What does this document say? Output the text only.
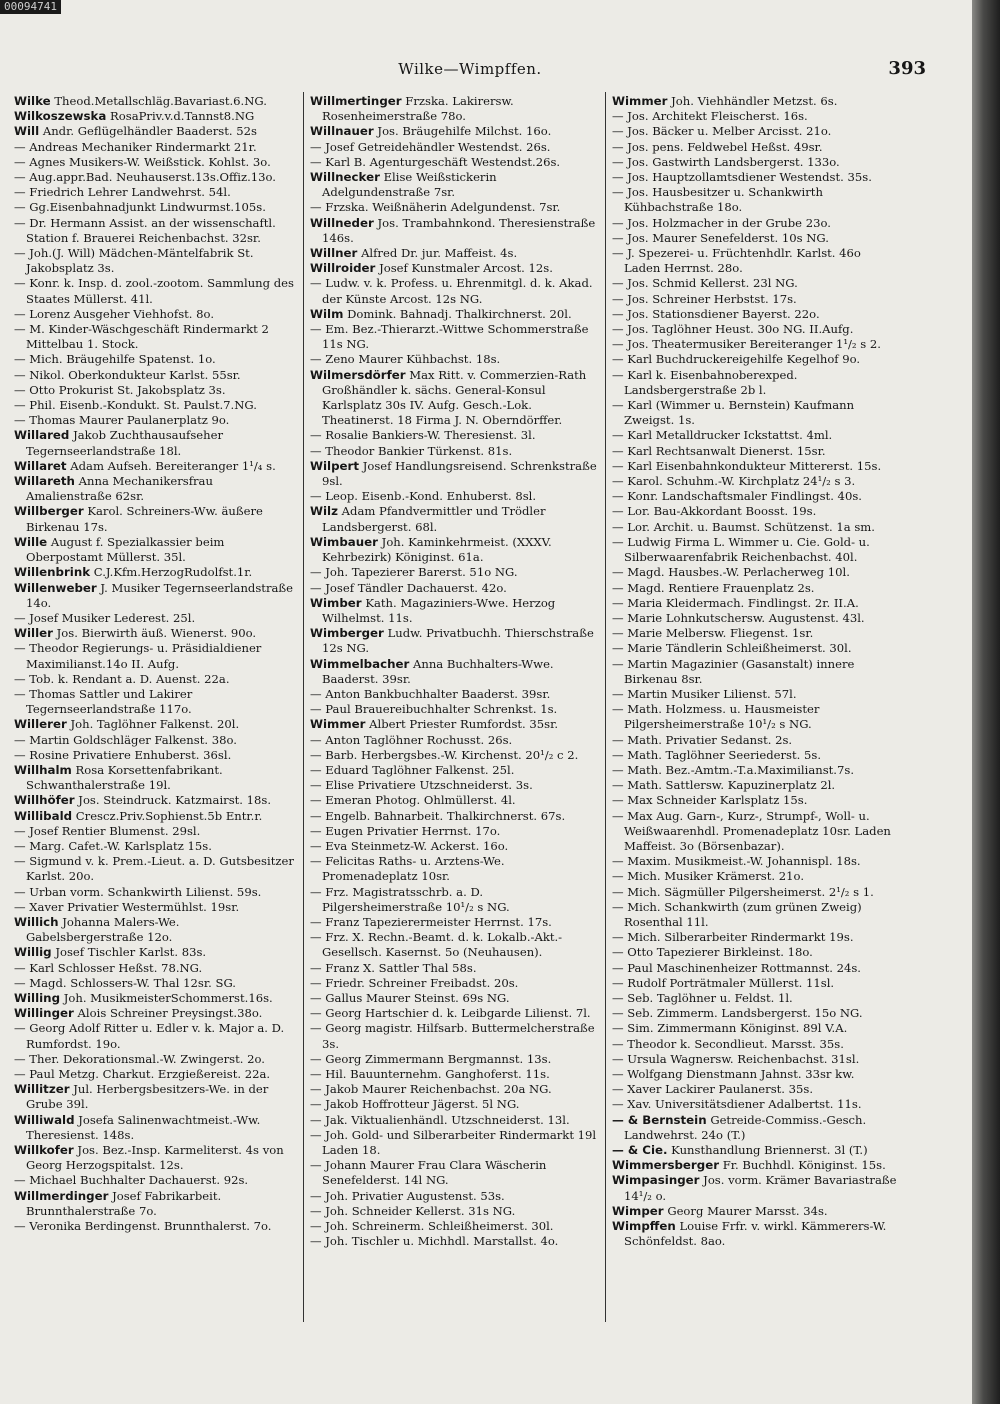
00094741
Wilke—Wimpffen.	393
Wilke Theod.Metallschläg.Bavariast.6.NG.
Wilkoszewska RosaPriv.v.d.Tannst8.NG
Will Andr. Geflügelhändler Baaderst. 52s
— Andreas Mechaniker Rindermarkt 21r.
— Agnes Musikers-W. Weißstick. Kohlst. 3o.
— Aug.appr.Bad. Neuhauserst.13s.Offiz.13o.
— Friedrich Lehrer Landwehrst. 54l.
— Gg.Eisenbahnadjunkt Lindwurmst.105s.
— Dr. Hermann Assist. an der wissenschaftl. Station f. Brauerei Reichenbachst. 32sr.
— Joh.(J. Will) Mädchen-Mäntelfabrik St. Jakobsplatz 3s.
— Konr. k. Insp. d. zool.-zootom. Sammlung des Staates Müllerst. 41l.
— Lorenz Ausgeher Viehhofst. 8o.
— M. Kinder-Wäschgeschäft Rindermarkt 2 Mittelbau 1. Stock.
— Mich. Bräugehilfe Spatenst. 1o.
— Nikol. Oberkondukteur Karlst. 55sr.
— Otto Prokurist St. Jakobsplatz 3s.
— Phil. Eisenb.-Kondukt. St. Paulst.7.NG.
— Thomas Maurer Paulanerplatz 9o.
Willared Jakob Zuchthausaufseher Tegernseerlandstraße 18l.
Willaret Adam Aufseh. Bereiteranger 1¹/₄ s.
Willareth Anna Mechanikersfrau Amalienstraße 62sr.
Willberger Karol. Schreiners-Ww. äußere Birkenau 17s.
Wille August f. Spezialkassier beim Oberpostamt Müllerst. 35l.
Willenbrink C.J.Kfm.HerzogRudolfst.1r.
Willenweber J. Musiker Tegernseerlandstraße 14o.
— Josef Musiker Lederest. 25l.
Willer Jos. Bierwirth äuß. Wienerst. 90o.
— Theodor Regierungs- u. Präsidialdiener Maximilianst.14o II. Aufg.
— Tob. k. Rendant a. D. Auenst. 22a.
— Thomas Sattler und Lakirer Tegernseerlandstraße 117o.
Willerer Joh. Taglöhner Falkenst. 20l.
— Martin Goldschläger Falkenst. 38o.
— Rosine Privatiere Enhuberst. 36sl.
Willhalm Rosa Korsettenfabrikant. Schwanthalerstraße 19l.
Willhöfer Jos. Steindruck. Katzmairst. 18s.
Willibald Crescz.Priv.Sophienst.5b Entr.r.
— Josef Rentier Blumenst. 29sl.
— Marg. Cafet.-W. Karlsplatz 15s.
— Sigmund v. k. Prem.-Lieut. a. D. Gutsbesitzer Karlst. 20o.
— Urban vorm. Schankwirth Lilienst. 59s.
— Xaver Privatier Westermühlst. 19sr.
Willich Johanna Malers-We. Gabelsbergerstraße 12o.
Willig Josef Tischler Karlst. 83s.
— Karl Schlosser Heßst. 78.NG.
— Magd. Schlossers-W. Thal 12sr. SG.
Willing Joh. MusikmeisterSchommerst.16s.
Willinger Alois Schreiner Preysingst.38o.
— Georg Adolf Ritter u. Edler v. k. Major a. D. Rumfordst. 19o.
— Ther. Dekorationsmal.-W. Zwingerst. 2o.
— Paul Metzg. Charkut. Erzgießereist. 22a.
Willitzer Jul. Herbergsbesitzers-We. in der Grube 39l.
Williwald Josefa Salinenwachtmeist.-Ww. Theresienst. 148s.
Willkofer Jos. Bez.-Insp. Karmeliterst. 4s von Georg Herzogspitalst. 12s.
— Michael Buchhalter Dachauerst. 92s.
Willmerdinger Josef Fabrikarbeit. Brunnthalerstraße 7o.
— Veronika Berdingenst. Brunnthalerst. 7o.
Willmertinger Frzska. Lakirersw. Rosenheimerstraße 78o.
Willnauer Jos. Bräugehilfe Milchst. 16o.
— Josef Getreidehändler Westendst. 26s.
— Karl B. Agenturgeschäft Westendst.26s.
Willnecker Elise Weißstickerin Adelgundenstraße 7sr.
— Frzska. Weißnäherin Adelgundenst. 7sr.
Willneder Jos. Trambahnkond. Theresienstraße 146s.
Willner Alfred Dr. jur. Maffeist. 4s.
Willroider Josef Kunstmaler Arcost. 12s.
— Ludw. v. k. Profess. u. Ehrenmitgl. d. k. Akad. der Künste Arcost. 12s NG.
Wilm Domink. Bahnadj. Thalkirchnerst. 20l.
— Em. Bez.-Thierarzt.-Wittwe Schommerstraße 11s NG.
— Zeno Maurer Kühbachst. 18s.
Wilmersdörfer Max Ritt. v. Commerzien-Rath Großhändler k. sächs. General-Konsul Karlsplatz 30s IV. Aufg. Gesch.-Lok. Theatinerst. 18 Firma J. N. Oberndörffer.
— Rosalie Bankiers-W. Theresienst. 3l.
— Theodor Bankier Türkenst. 81s.
Wilpert Josef Handlungsreisend. Schrenkstraße 9sl.
— Leop. Eisenb.-Kond. Enhuberst. 8sl.
Wilz Adam Pfandvermittler und Trödler Landsbergerst. 68l.
Wimbauer Joh. Kaminkehrmeist. (XXXV. Kehrbezirk) Königinst. 61a.
— Joh. Tapezierer Barerst. 51o NG.
— Josef Tändler Dachauerst. 42o.
Wimber Kath. Magaziniers-Wwe. Herzog Wilhelmst. 11s.
Wimberger Ludw. Privatbuchh. Thierschstraße 12s NG.
Wimmelbacher Anna Buchhalters-Wwe. Baaderst. 39sr.
— Anton Bankbuchhalter Baaderst. 39sr.
— Paul Brauereibuchhalter Schrenkst. 1s.
Wimmer Albert Priester Rumfordst. 35sr.
— Anton Taglöhner Rochusst. 26s.
— Barb. Herbergsbes.-W. Kirchenst. 20¹/₂ c 2.
— Eduard Taglöhner Falkenst. 25l.
— Elise Privatiere Utzschneiderst. 3s.
— Emeran Photog. Ohlmüllerst. 4l.
— Engelb. Bahnarbeit. Thalkirchnerst. 67s.
— Eugen Privatier Herrnst. 17o.
— Eva Steinmetz-W. Ackerst. 16o.
— Felicitas Raths- u. Arztens-We. Promenadeplatz 10sr.
— Frz. Magistratsschrb. a. D. Pilgersheimerstraße 10¹/₂ s NG.
— Franz Tapezierermeister Herrnst. 17s.
— Frz. X. Rechn.-Beamt. d. k. Lokalb.-Akt.-Gesellsch. Kasernst. 5o (Neuhausen).
— Franz X. Sattler Thal 58s.
— Friedr. Schreiner Freibadst. 20s.
— Gallus Maurer Steinst. 69s NG.
— Georg Hartschier d. k. Leibgarde Lilienst. 7l.
— Georg magistr. Hilfsarb. Buttermelcherstraße 3s.
— Georg Zimmermann Bergmannst. 13s.
— Hil. Bauunternehm. Ganghoferst. 11s.
— Jakob Maurer Reichenbachst. 20a NG.
— Jakob Hoffrotteur Jägerst. 5l NG.
— Jak. Viktualienhändl. Utzschneiderst. 13l.
— Joh. Gold- und Silberarbeiter Rindermarkt 19l Laden 18.
— Johann Maurer Frau Clara Wäscherin Senefelderst. 14l NG.
— Joh. Privatier Augustenst. 53s.
— Joh. Schneider Kellerst. 31s NG.
— Joh. Schreinerm. Schleißheimerst. 30l.
— Joh. Tischler u. Michhdl. Marstallst. 4o.
Wimmer Joh. Viehhändler Metzst. 6s.
— Jos. Architekt Fleischerst. 16s.
— Jos. Bäcker u. Melber Arcisst. 21o.
— Jos. pens. Feldwebel Heßst. 49sr.
— Jos. Gastwirth Landsbergerst. 133o.
— Jos. Hauptzollamtsdiener Westendst. 35s.
— Jos. Hausbesitzer u. Schankwirth Kühbachstraße 18o.
— Jos. Holzmacher in der Grube 23o.
— Jos. Maurer Senefelderst. 10s NG.
— J. Spezerei- u. Früchtenhdlr. Karlst. 46o Laden Herrnst. 28o.
— Jos. Schmid Kellerst. 23l NG.
— Jos. Schreiner Herbstst. 17s.
— Jos. Stationsdiener Bayerst. 22o.
— Jos. Taglöhner Heust. 30o NG. II.Aufg.
— Jos. Theatermusiker Bereiteranger 1¹/₂ s 2.
— Karl Buchdruckereigehilfe Kegelhof 9o.
— Karl k. Eisenbahnoberexped. Landsbergerstraße 2b l.
— Karl (Wimmer u. Bernstein) Kaufmann Zweigst. 1s.
— Karl Metalldrucker Ickstattst. 4ml.
— Karl Rechtsanwalt Dienerst. 15sr.
— Karl Eisenbahnkondukteur Mittererst. 15s.
— Karol. Schuhm.-W. Kirchplatz 24¹/₂ s 3.
— Konr. Landschaftsmaler Findlingst. 40s.
— Lor. Bau-Akkordant Boosst. 19s.
— Lor. Archit. u. Baumst. Schützenst. 1a sm.
— Ludwig Firma L. Wimmer u. Cie. Gold- u. Silberwaarenfabrik Reichenbachst. 40l.
— Magd. Hausbes.-W. Perlacherweg 10l.
— Magd. Rentiere Frauenplatz 2s.
— Maria Kleidermach. Findlingst. 2r. II.A.
— Marie Lohnkutschersw. Augustenst. 43l.
— Marie Melbersw. Fliegenst. 1sr.
— Marie Tändlerin Schleißheimerst. 30l.
— Martin Magazinier (Gasanstalt) innere Birkenau 8sr.
— Martin Musiker Lilienst. 57l.
— Math. Holzmess. u. Hausmeister Pilgersheimerstraße 10¹/₂ s NG.
— Math. Privatier Sedanst. 2s.
— Math. Taglöhner Seeriederst. 5s.
— Math. Bez.-Amtm.-T.a.Maximilianst.7s.
— Math. Sattlersw. Kapuzinerplatz 2l.
— Max Schneider Karlsplatz 15s.
— Max Aug. Garn-, Kurz-, Strumpf-, Woll- u. Weißwaarenhdl. Promenadeplatz 10sr. Laden Maffeist. 3o (Börsenbazar).
— Maxim. Musikmeist.-W. Johannispl. 18s.
— Mich. Musiker Krämerst. 21o.
— Mich. Sägmüller Pilgersheimerst. 2¹/₂ s 1.
— Mich. Schankwirth (zum grünen Zweig) Rosenthal 11l.
— Mich. Silberarbeiter Rindermarkt 19s.
— Otto Tapezierer Birkleinst. 18o.
— Paul Maschinenheizer Rottmannst. 24s.
— Rudolf Porträtmaler Müllerst. 11sl.
— Seb. Taglöhner u. Feldst. 1l.
— Seb. Zimmerm. Landsbergerst. 15o NG.
— Sim. Zimmermann Königinst. 89l V.A.
— Theodor k. Secondlieut. Marsst. 35s.
— Ursula Wagnersw. Reichenbachst. 31sl.
— Wolfgang Dienstmann Jahnst. 33sr kw.
— Xaver Lackirer Paulanerst. 35s.
— Xav. Universitätsdiener Adalbertst. 11s.
— & Bernstein Getreide-Commiss.-Gesch. Landwehrst. 24o (T.)
— & Cie. Kunsthandlung Briennerst. 3l (T.)
Wimmersberger Fr. Buchhdl. Königinst. 15s.
Wimpasinger Jos. vorm. Krämer Bavariastraße 14¹/₂ o.
Wimper Georg Maurer Marsst. 34s.
Wimpffen Louise Frfr. v. wirkl. Kämmerers-W. Schönfeldst. 8ao.
